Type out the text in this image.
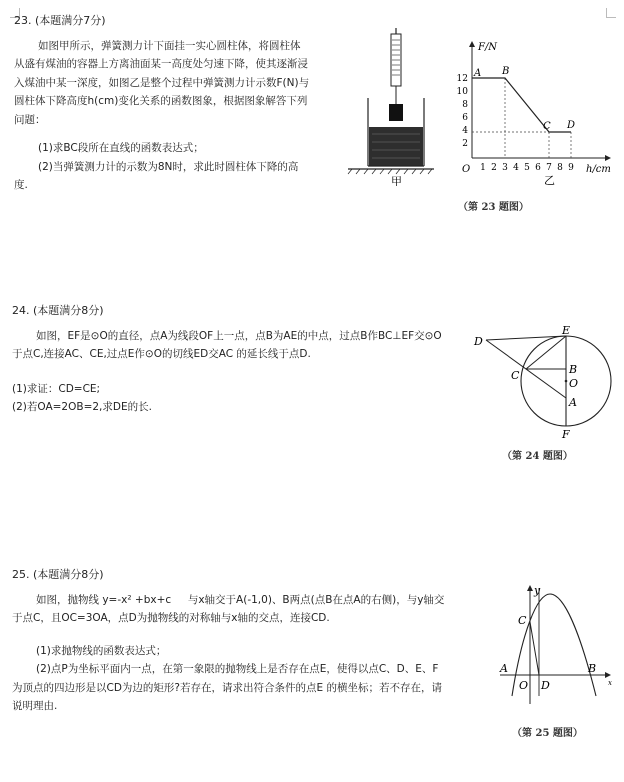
23. (本题满分7分)

如图甲所示，弹簧测力计下面挂一实心圆柱体，将圆柱体

从盛有煤油的容器上方离油面某一高度处匀速下降，使其逐渐浸

入煤油中某一深度，如图乙是整个过程中弹簧测力计示数F(N)与

圆柱体下降高度h(cm)变化关系的函数图象，根据图象解答下列

问题：

(1)求BC段所在直线的函数表达式；

(2)当弹簧测力计的示数为8N时，求此时圆柱体下降的高

度.	甲
F/N
h/cm
O
12
10
8
6
4
2
1 2 3 4 5 6 7 8 9
A B
C D
乙
（第 23 题图）

24. (本题满分8分)

如图，EF是⊙O的直径，点A为线段OF上一点，点B为AE的中点，过点B作BC⊥EF交⊙O

于点C,连接AC、CE,过点E作⊙O的切线ED交AC 的延长线于点D.

(1)求证：CD=CE;

(2)若OA=2OB=2,求DE的长.

D
E
C	B
O
A
F
（第 24 题图）

25. (本题满分8分)

如图，抛物线 y=-x² +bx+c 与x轴交于A(-1,0)、B两点(点B在点A的右侧)，与y轴交

于点C，且OC=3OA，点D为抛物线的对称轴与x轴的交点，连接CD.

(1)求抛物线的函数表达式；

(2)点P为坐标平面内一点，在第一象限的抛物线上是否存在点E，使得以点C、D、E、F

为顶点的四边形是以CD为边的矩形?若存在，请求出符合条件的点E 的横坐标；若不存在，请

说明理由.

y
C
A
O D
B
x
（第 25 题图）
